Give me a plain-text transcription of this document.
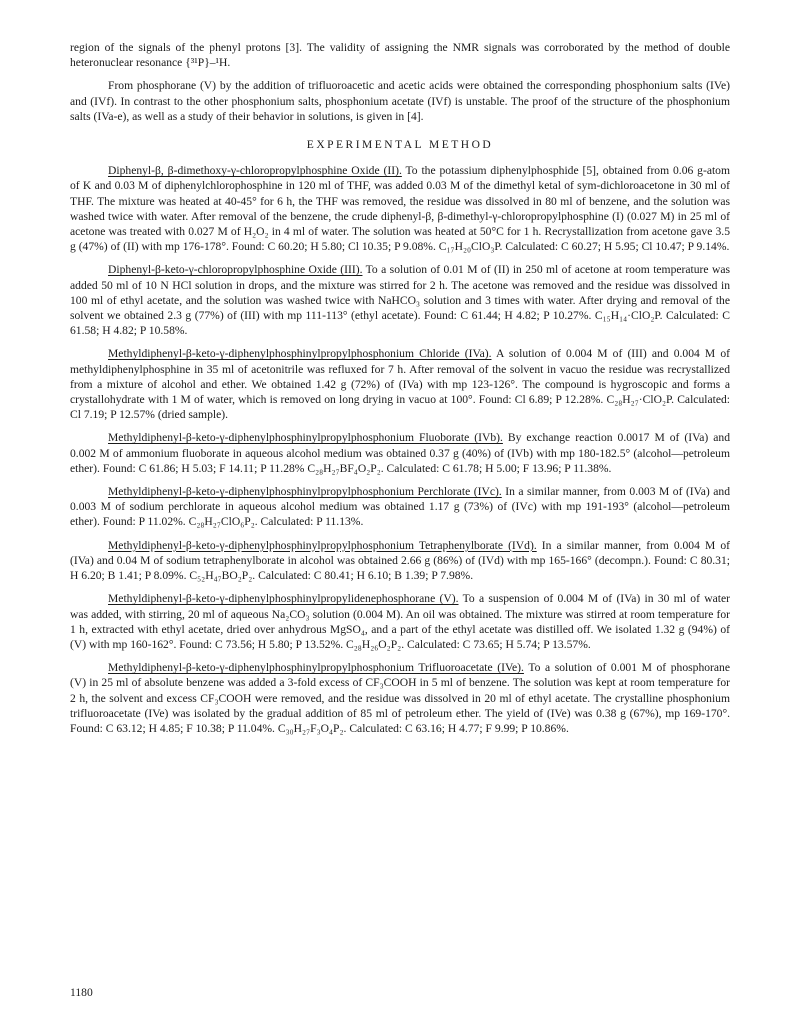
region of the signals of the phenyl protons [3]. The validity of assigning the NMR signals was corroborated by the method of double heteronuclear resonance {³¹P}–¹H.

From phosphorane (V) by the addition of trifluoroacetic and acetic acids were obtained the corresponding phosphonium salts (IVe) and (IVf). In contrast to the other phosphonium salts, phosphonium acetate (IVf) is unstable. The proof of the structure of the phosphonium salts (IVa-e), as well as a study of their behavior in solutions, is given in [4].

EXPERIMENTAL METHOD

Diphenyl-β, β-dimethoxy-γ-chloropropylphosphine Oxide (II). To the potassium diphenylphosphide [5], obtained from 0.06 g-atom of K and 0.03 M of diphenylchlorophosphine in 120 ml of THF, was added 0.03 M of the dimethyl ketal of sym-dichloroacetone in 30 ml of THF. The mixture was heated at 40-45° for 6 h, the THF was removed, the residue was dissolved in 80 ml of benzene, and the solution was washed twice with water. After removal of the benzene, the crude diphenyl-β, β-dimethyl-γ-chloropropylphosphine (I) (0.027 M) in 25 ml of acetone was treated with 0.027 M of H₂O₂ in 4 ml of water. The solution was heated at 50°C for 1 h. Recrystallization from acetone gave 3.5 g (47%) of (II) with mp 176-178°. Found: C 60.20; H 5.80; Cl 10.35; P 9.08%. C₁₇H₂₀ClO₃P. Calculated: C 60.27; H 5.95; Cl 10.47; P 9.14%.

Diphenyl-β-keto-γ-chloropropylphosphine Oxide (III). To a solution of 0.01 M of (II) in 250 ml of acetone at room temperature was added 50 ml of 10 N HCl solution in drops, and the mixture was stirred for 2 h. The acetone was removed and the residue was dissolved in 100 ml of ethyl acetate, and the solution was washed twice with NaHCO₃ solution and 3 times with water. After drying and removal of the solvent we obtained 2.3 g (77%) of (III) with mp 111-113° (ethyl acetate). Found: C 61.44; H 4.82; P 10.27%. C₁₅H₁₄·ClO₂P. Calculated: C 61.58; H 4.82; P 10.58%.

Methyldiphenyl-β-keto-γ-diphenylphosphinylpropylphosphonium Chloride (IVa). A solution of 0.004 M of (III) and 0.004 M of methyldiphenylphosphine in 35 ml of acetonitrile was refluxed for 7 h. After removal of the solvent in vacuo the residue was recrystallized from a mixture of alcohol and ether. We obtained 1.42 g (72%) of (IVa) with mp 123-126°. The compound is hygroscopic and forms a crystallohydrate with 1 M of water, which is removed on long drying in vacuo at 100°. Found: Cl 6.89; P 12.28%. C₂₈H₂₇·ClO₂P. Calculated: Cl 7.19; P 12.57% (dried sample).

Methyldiphenyl-β-keto-γ-diphenylphosphinylpropylphosphonium Fluoborate (IVb). By exchange reaction 0.0017 M of (IVa) and 0.002 M of ammonium fluoborate in aqueous alcohol medium was obtained 0.37 g (40%) of (IVb) with mp 180-182.5° (alcohol—petroleum ether). Found: C 61.86; H 5.03; F 14.11; P 11.28% C₂₈H₂₇BF₄O₂P₂. Calculated: C 61.78; H 5.00; F 13.96; P 11.38%.

Methyldiphenyl-β-keto-γ-diphenylphosphinylpropylphosphonium Perchlorate (IVc). In a similar manner, from 0.003 M of (IVa) and 0.003 M of sodium perchlorate in aqueous alcohol medium was obtained 1.17 g (73%) of (IVc) with mp 191-193° (alcohol—petroleum ether). Found: P 11.02%. C₂₈H₂₇ClO₆P₂. Calculated: P 11.13%.

Methyldiphenyl-β-keto-γ-diphenylphosphinylpropylphosphonium Tetraphenylborate (IVd). In a similar manner, from 0.004 M of (IVa) and 0.04 M of sodium tetraphenylborate in alcohol was obtained 2.66 g (86%) of (IVd) with mp 165-166° (decompn.). Found: C 80.31; H 6.20; B 1.41; P 8.09%. C₅₂H₄₇BO₂P₂. Calculated: C 80.41; H 6.10; B 1.39; P 7.98%.

Methyldiphenyl-β-keto-γ-diphenylphosphinylpropylidenephosphorane (V). To a suspension of 0.004 M of (IVa) in 30 ml of water was added, with stirring, 20 ml of aqueous Na₂CO₃ solution (0.004 M). An oil was obtained. The mixture was stirred at room temperature for 1 h, extracted with ethyl acetate, dried over anhydrous MgSO₄, and a part of the ethyl acetate was distilled off. We isolated 1.32 g (94%) of (V) with mp 160-162°. Found: C 73.56; H 5.80; P 13.52%. C₂₈H₂₆O₂P₂. Calculated: C 73.65; H 5.74; P 13.57%.

Methyldiphenyl-β-keto-γ-diphenylphosphinylpropylphosphonium Trifluoroacetate (IVe). To a solution of 0.001 M of phosphorane (V) in 25 ml of absolute benzene was added a 3-fold excess of CF₃COOH in 5 ml of benzene. The solution was kept at room temperature for 2 h, the solvent and excess CF₃COOH were removed, and the residue was dissolved in 20 ml of ethyl acetate. The crystalline phosphonium trifluoroacetate (IVe) was isolated by the gradual addition of 85 ml of petroleum ether. The yield of (IVe) was 0.38 g (67%), mp 169-170°. Found: C 63.12; H 4.85; F 10.38; P 11.04%. C₃₀H₂₇F₃O₄P₂. Calculated: C 63.16; H 4.77; F 9.99; P 10.86%.

1180
